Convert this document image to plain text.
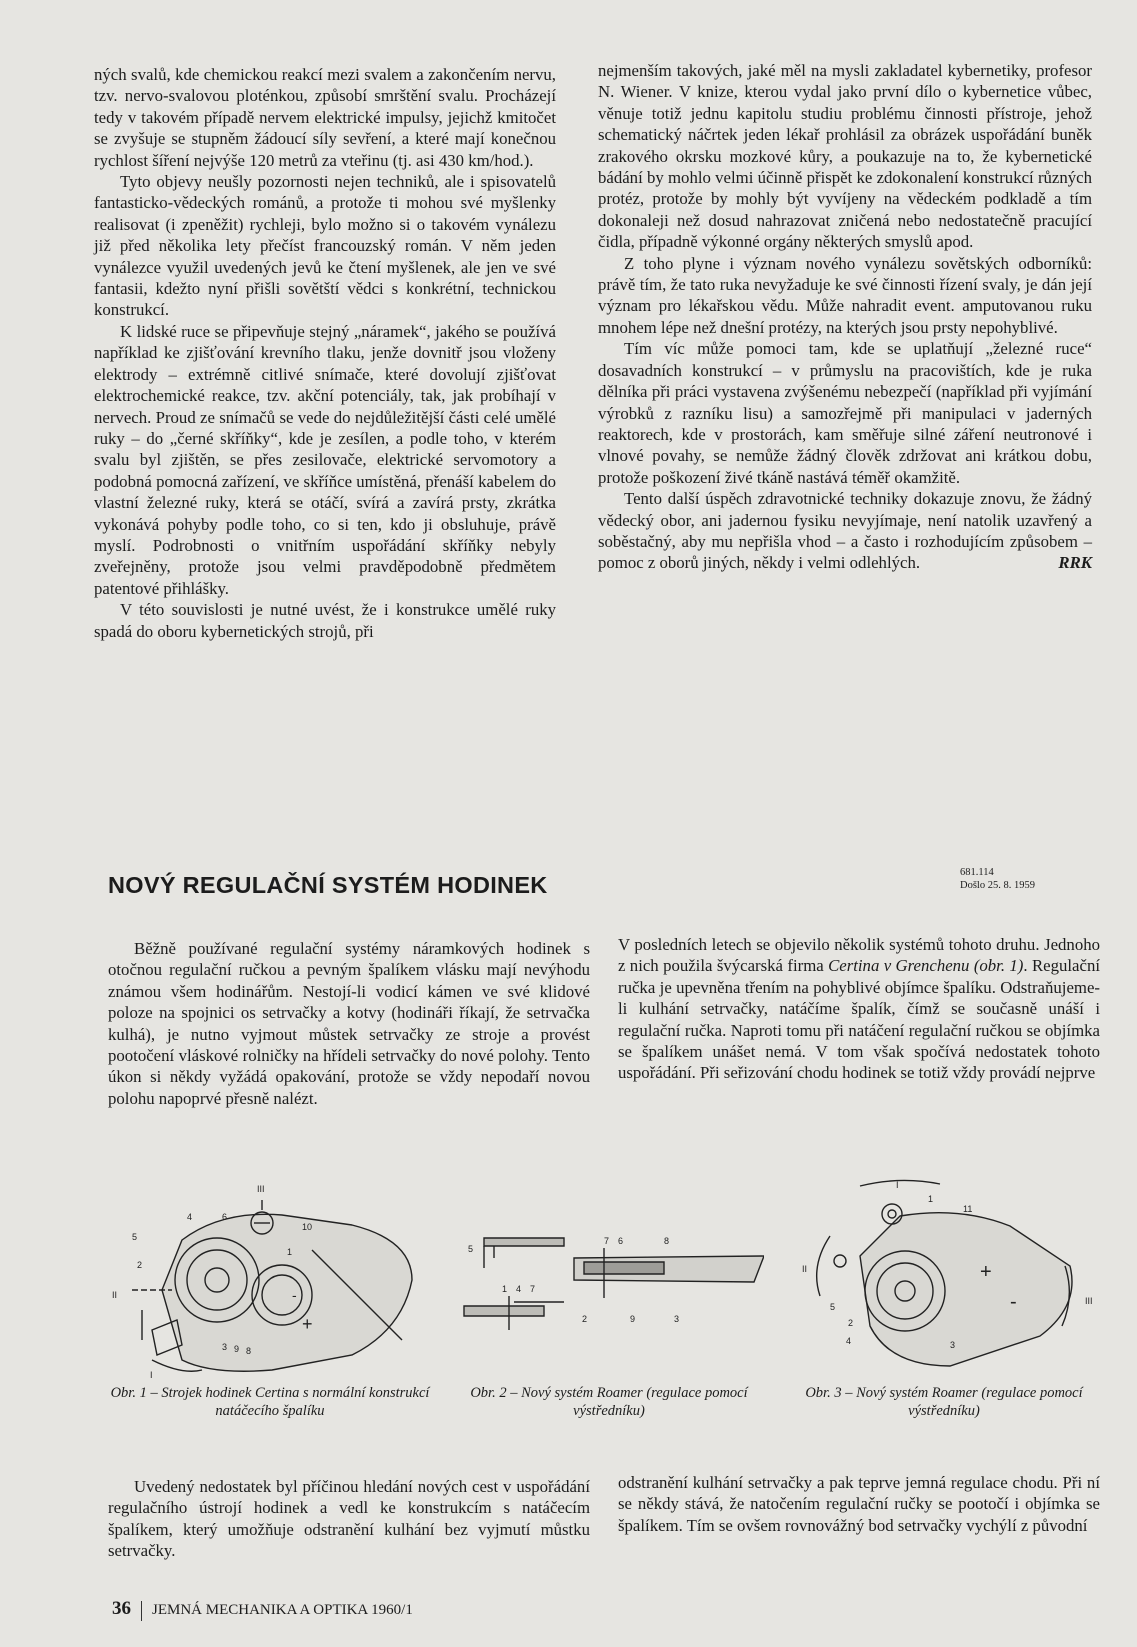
ných svalů, kde chemickou reakcí mezi svalem a zakončením nervu, tzv. nervo-svalovou ploténkou, způsobí smrštění svalu. Procházejí tedy v takovém případě nervem elektrické impulsy, jejichž kmitočet se zvyšuje se stupněm žádoucí síly sevření, a které mají konečnou rychlost šíření nejvýše 120 metrů za vteřinu (tj. asi 430 km/hod.).

Tyto objevy neušly pozornosti nejen techniků, ale i spisovatelů fantasticko-vědeckých románů, a protože ti mohou své myšlenky realisovat (i zpeněžit) rychleji, bylo možno si o takovém vynálezu již před několika lety přečíst francouzský román. V něm jeden vynálezce využil uvedených jevů ke čtení myšlenek, ale jen ve své fantasii, kdežto nyní přišli sovětští vědci s konkrétní, technickou konstrukcí.

K lidské ruce se připevňuje stejný „náramek“, jakého se používá například ke zjišťování krevního tlaku, jenže dovnitř jsou vloženy elektrody – extrémně citlivé snímače, které dovolují zjišťovat elektrochemické reakce, tzv. akční potenciály, tak, jak probíhají v nervech. Proud ze snímačů se vede do nejdůležitější části celé umělé ruky – do „černé skříňky“, kde je zesílen, a podle toho, v kterém svalu byl zjištěn, se přes zesilovače, elektrické servomotory a podobná pomocná zařízení, ve skříňce umístěná, přenáší kabelem do vlastní železné ruky, která se otáčí, svírá a zavírá prsty, zkrátka vykonává pohyby podle toho, co si ten, kdo ji obsluhuje, právě myslí. Podrobnosti o vnitřním uspořádání skříňky nebyly zveřejněny, protože jsou velmi pravděpodobně předmětem patentové přihlášky.

V této souvislosti je nutné uvést, že i konstrukce umělé ruky spadá do oboru kybernetických strojů, při

nejmenším takových, jaké měl na mysli zakladatel kybernetiky, profesor N. Wiener. V knize, kterou vydal jako první dílo o kybernetice vůbec, věnuje totiž jednu kapitolu studiu problému činnosti přístroje, jehož schematický náčrtek jeden lékař prohlásil za obrázek uspořádání buněk zrakového okrsku mozkové kůry, a poukazuje na to, že kybernetické bádání by mohlo velmi účinně přispět ke zdokonalení konstrukcí různých protéz, protože by mohly být vyvíjeny na vědeckém podkladě a tím dokonaleji než dosud nahrazovat zničená nebo nedostatečně pracující čidla, případně výkonné orgány některých smyslů apod.

Z toho plyne i význam nového vynálezu sovětských odborníků: právě tím, že tato ruka nevyžaduje ke své činnosti řízení svaly, je dán její význam pro lékařskou vědu. Může nahradit event. amputovanou ruku mnohem lépe než dnešní protézy, na kterých jsou prsty nepohyblivé.

Tím víc může pomoci tam, kde se uplatňují „železné ruce“ dosavadních konstrukcí – v průmyslu na pracovištích, kde je ruka dělníka při práci vystavena zvýšenému nebezpečí (například při vyjímání výrobků z razníku lisu) a samozřejmě při manipulaci v jaderných reaktorech, kde v prostorách, kam směřuje silné záření neutronové i vlnové povahy, se nemůže žádný člověk zdržovat ani krátkou dobu, protože poškození živé tkáně nastává téměř okamžitě.

Tento další úspěch zdravotnické techniky dokazuje znovu, že žádný vědecký obor, ani jadernou fysiku nevyjímaje, není natolik uzavřený a soběstačný, aby mu nepřišla vhod – a často i rozhodujícím způsobem – pomoc z oborů jiných, někdy i velmi odlehlých.	RRK

NOVÝ REGULAČNÍ SYSTÉM HODINEK	681.114
Došlo 25. 8. 1959

Běžně používané regulační systémy náramkových hodinek s otočnou regulační ručkou a pevným špalíkem vlásku mají nevýhodu známou všem hodinářům. Nestojí-li vodicí kámen ve své klidové poloze na spojnici os setrvačky a kotvy (hodináři říkají, že setrvačka kulhá), je nutno vyjmout můstek setrvačky ze stroje a provést pootočení vláskové rolničky na hřídeli setrvačky do nové polohy. Tento úkon si někdy vyžádá opakování, protože se vždy nepodaří novou polohu napoprvé přesně nalézt.

V posledních letech se objevilo několik systémů tohoto druhu. Jednoho z nich použila švýcarská firma Certina v Grenchenu (obr. 1). Regulační ručka je upevněna třením na pohyblivé objímce špalíku. Odstraňujeme-li kulhání setrvačky, natáčíme špalík, čímž se současně unáší i regulační ručka. Naproti tomu při natáčení regulační ručkou se objímka se špalíkem unášet nemá. V tom však spočívá nedostatek tohoto uspořádání. Při seřizování chodu hodinek se totiž vždy provádí nejprve

5
4	6
10
1
2
3 9 8
III
II
I
-
+
Obr. 1 – Strojek hodinek Certina s normální konstrukcí natáčecího špalíku
5
7 6	8
1 4 7
2	9	3
Obr. 2 – Nový systém Roamer (regulace pomocí výstředníku)
I
1
11
II
III
5
2
4	3
+
-
Obr. 3 – Nový systém Roamer (regulace pomocí výstředníku)

Uvedený nedostatek byl příčinou hledání nových cest v uspořádání regulačního ústrojí hodinek a vedl ke konstrukcím s natáčecím špalíkem, který umožňuje odstranění kulhání bez vyjmutí můstku setrvačky.

odstranění kulhání setrvačky a pak teprve jemná regulace chodu. Při ní se někdy stává, že natočením regulační ručky se pootočí i objímka se špalíkem. Tím se ovšem rovnovážný bod setrvačky vychýlí z původní

36 JEMNÁ MECHANIKA A OPTIKA 1960/1
